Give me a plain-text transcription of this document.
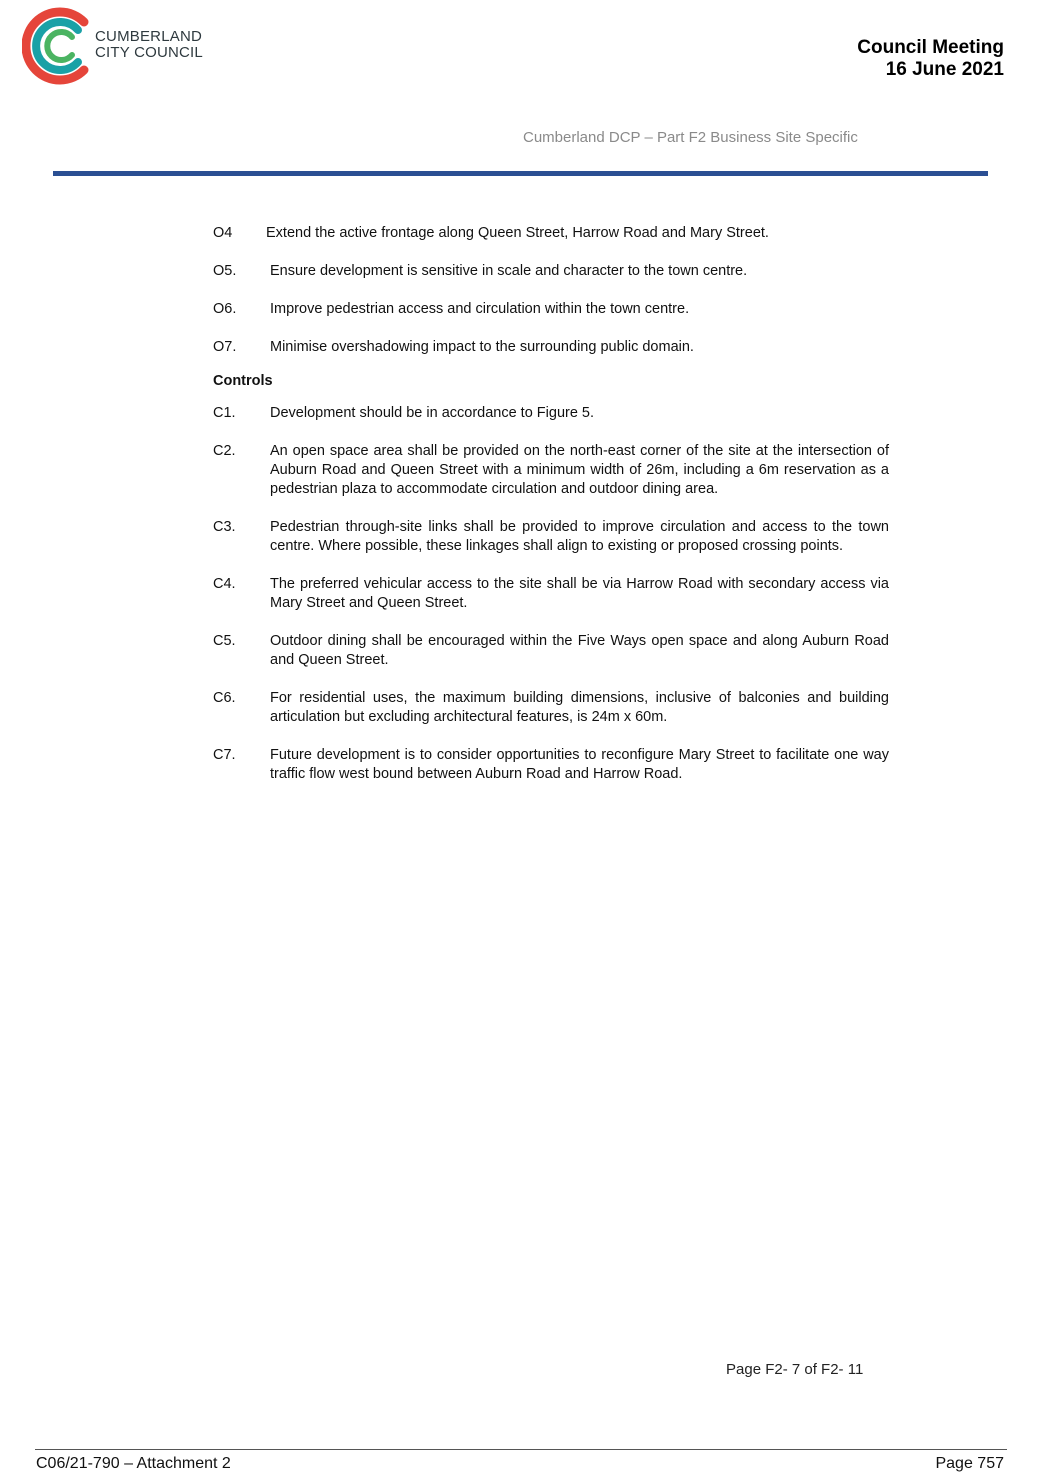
CUMBERLAND
CITY COUNCIL	Council Meeting
16 June 2021
Cumberland DCP – Part F2 Business Site Specific
O4	Extend the active frontage along Queen Street, Harrow Road and Mary Street.
O5.	Ensure development is sensitive in scale and character to the town centre.
O6.	Improve pedestrian access and circulation within the town centre.
O7.	Minimise overshadowing impact to the surrounding public domain.
Controls
C1.	Development should be in accordance to Figure 5.
C2.	An open space area shall be provided on the north-east corner of the site at the intersection of Auburn Road and Queen Street with a minimum width of 26m, including a 6m reservation as a pedestrian plaza to accommodate circulation and outdoor dining area.
C3.	Pedestrian through-site links shall be provided to improve circulation and access to the town centre. Where possible, these linkages shall align to existing or proposed crossing points.
C4.	The preferred vehicular access to the site shall be via Harrow Road with secondary access via Mary Street and Queen Street.
C5.	Outdoor dining shall be encouraged within the Five Ways open space and along Auburn Road and Queen Street.
C6.	For residential uses, the maximum building dimensions, inclusive of balconies and building articulation but excluding architectural features, is 24m x 60m.
C7.	Future development is to consider opportunities to reconfigure Mary Street to facilitate one way traffic flow west bound between Auburn Road and Harrow Road.
Page F2- 7 of F2- 11
C06/21-790 – Attachment 2	Page 757
